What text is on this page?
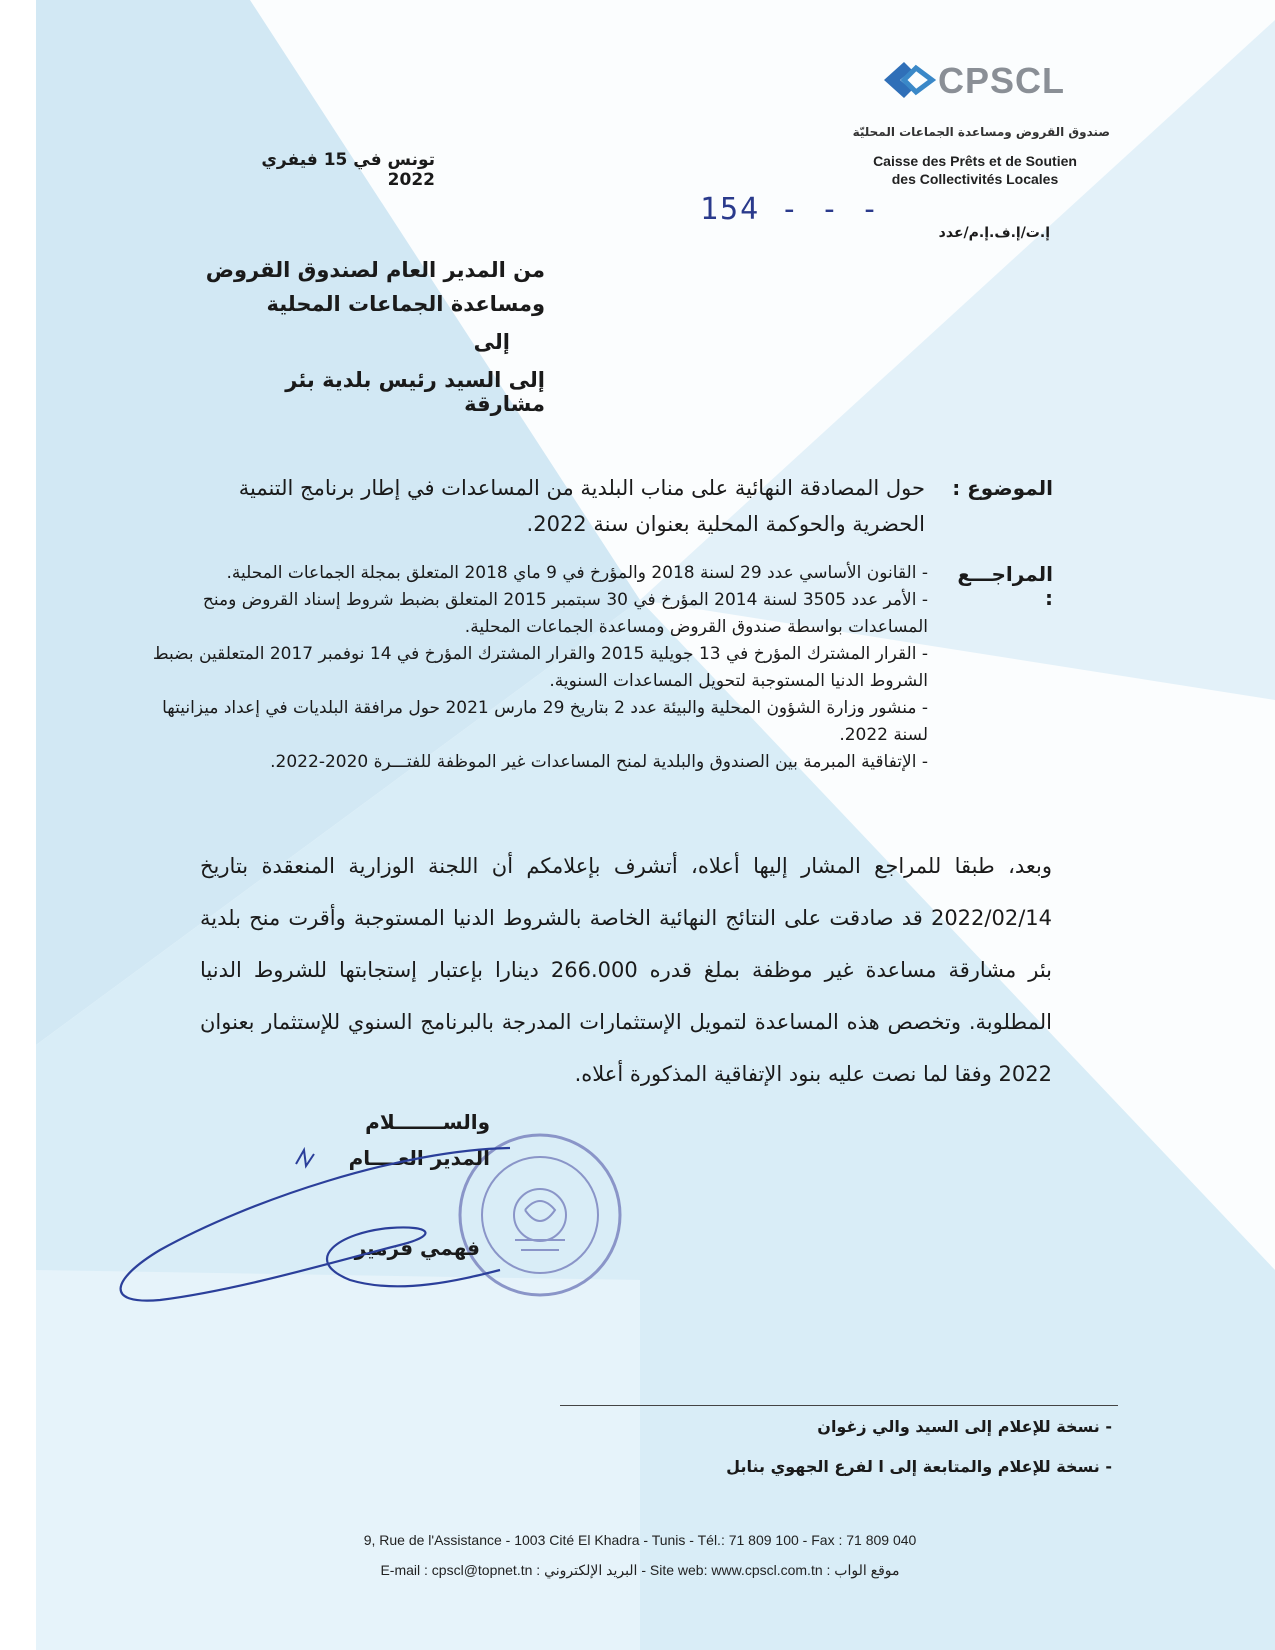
CPSCL
صندوق القروض ومساعدة الجماعات المحليّة
Caisse des Prêts et de Soutien
des Collectivités Locales
تونس في 15 فيفري 2022
154 - - -
إ.ت/إ.ف.إ.م/عدد
من المدير العام لصندوق القروض
ومساعدة الجماعات المحلية
إلى
إلى السيد رئيس بلدية بئر مشارقة
الموضوع :
حول المصادقة النهائية على مناب البلدية من المساعدات في إطار برنامج التنمية الحضرية والحوكمة المحلية بعنوان سنة 2022.
المراجـــع :

- القانون الأساسي عدد 29 لسنة 2018 والمؤرخ في 9 ماي 2018 المتعلق بمجلة الجماعات المحلية.

- الأمر عدد 3505 لسنة 2014 المؤرخ في 30 سبتمبر 2015 المتعلق بضبط شروط إسناد القروض ومنح المساعدات بواسطة صندوق القروض ومساعدة الجماعات المحلية.

- القرار المشترك المؤرخ في 13 جويلية 2015 والقرار المشترك المؤرخ في 14 نوفمبر 2017 المتعلقين بضبط الشروط الدنيا المستوجبة لتحويل المساعدات السنوية.

- منشور وزارة الشؤون المحلية والبيئة عدد 2 بتاريخ 29 مارس 2021 حول مرافقة البلديات في إعداد ميزانيتها لسنة 2022.

- الإتفاقية المبرمة بين الصندوق والبلدية لمنح المساعدات غير الموظفة للفتـــرة 2020-2022.

وبعد، طبقا للمراجع المشار إليها أعلاه، أتشرف بإعلامكم أن اللجنة الوزارية المنعقدة بتاريخ 2022/02/14 قد صادقت على النتائج النهائية الخاصة بالشروط الدنيا المستوجبة وأقرت منح بلدية بئر مشارقة مساعدة غير موظفة بملغ قدره 266.000 دينارا بإعتبار إستجابتها للشروط الدنيا المطلوبة. وتخصص هذه المساعدة لتمويل الإستثمارات المدرجة بالبرنامج السنوي للإستثمار بعنوان 2022 وفقا لما نصت عليه بنود الإتفاقية المذكورة أعلاه.
والســـــــلام
المدير العــــام
فهمي قزمير
- نسخة للإعلام إلى السيد والي زغوان
- نسخة للإعلام والمتابعة إلى ا لفرع الجهوي بنابل
9, Rue de l'Assistance - 1003 Cité El Khadra - Tunis - Tél.: 71 809 100 - Fax : 71 809 040
E-mail : cpscl@topnet.tn : البريد الإلكتروني - Site web: www.cpscl.com.tn : موقع الواب
